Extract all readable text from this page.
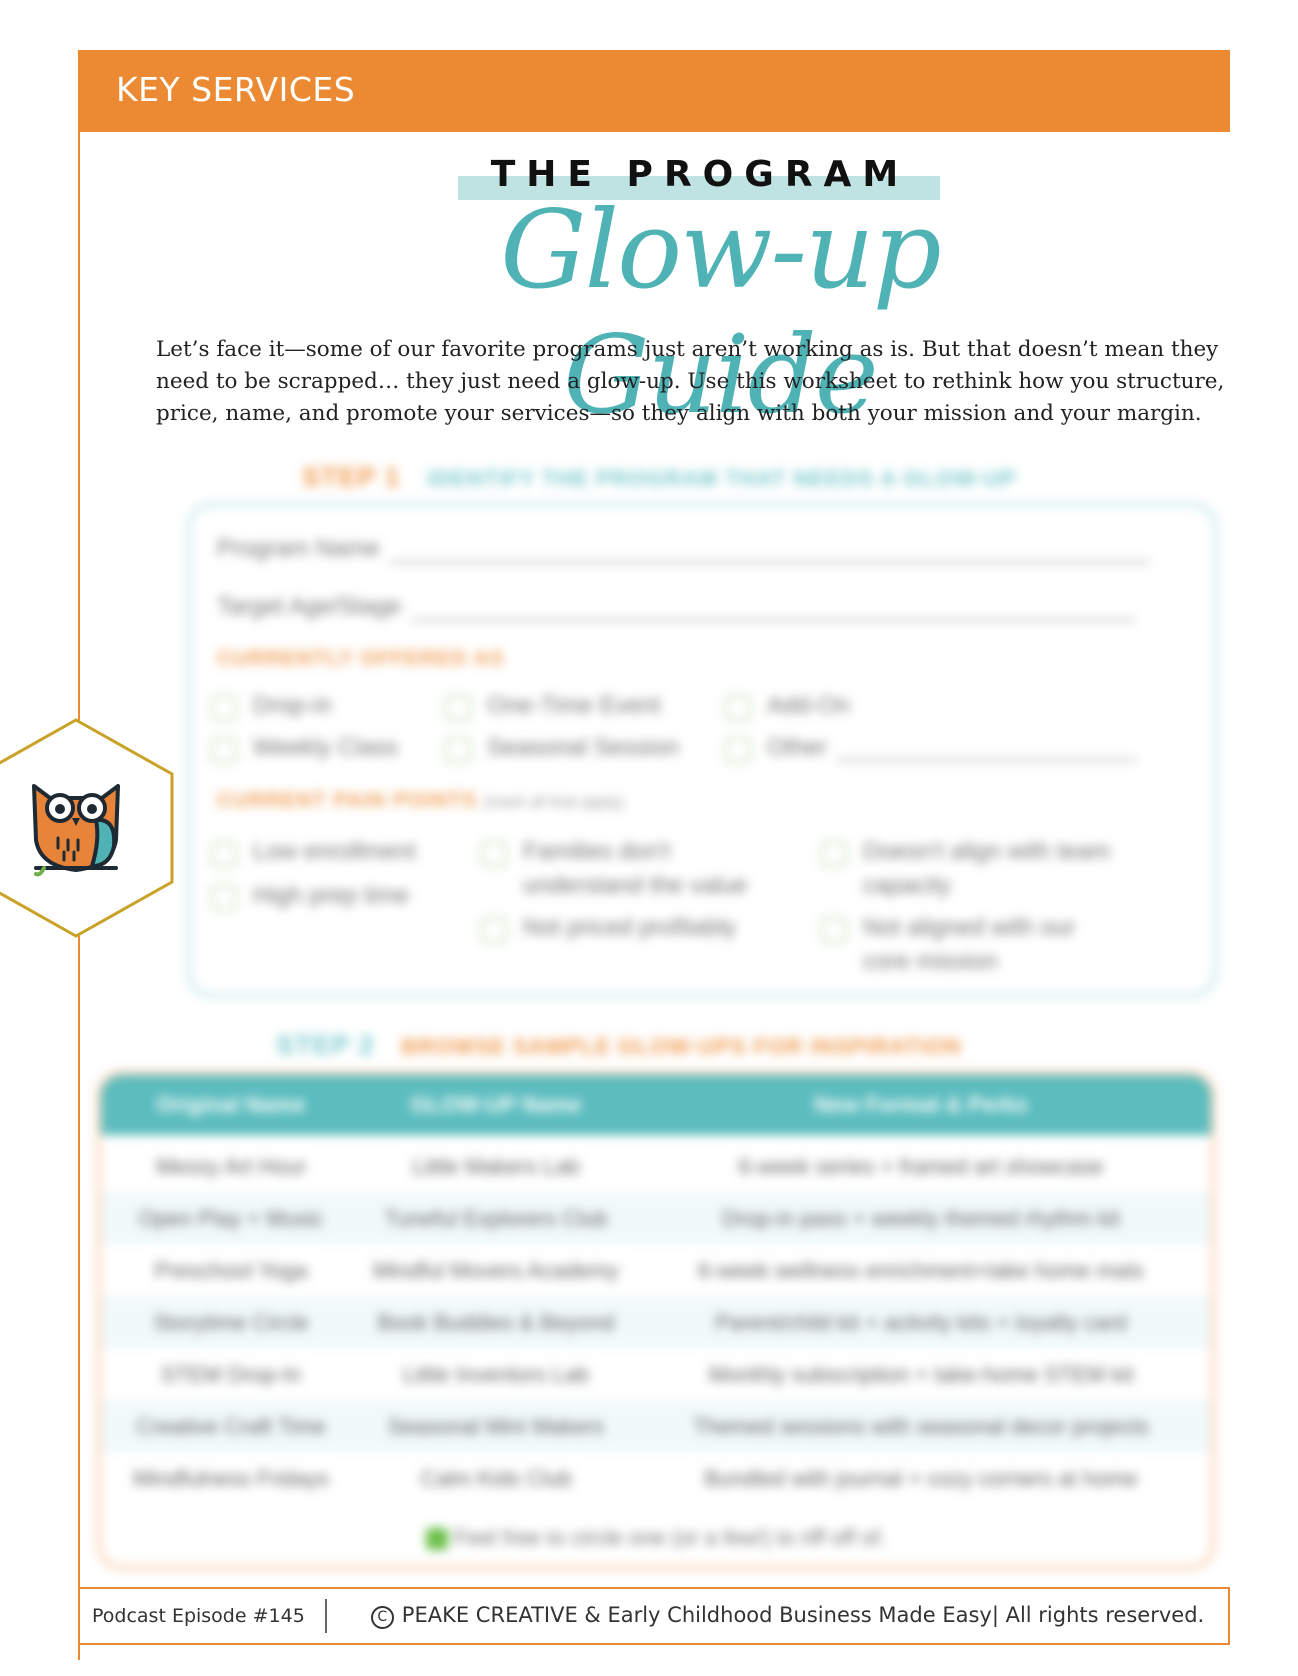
KEY SERVICES
THE PROGRAM
Glow-up Guide
Let’s face it—some of our favorite programs just aren’t working as is. But that doesn’t mean they need to be scrapped… they just need a glow-up. Use this worksheet to rethink how you structure, price, name, and promote your services—so they align with both your mission and your margin.
STEP 1 IDENTIFY THE PROGRAM THAT NEEDS A GLOW-UP
Program Name
Target Age/Stage
CURRENTLY OFFERED AS
Drop-in
Weekly Class
One-Time Event
Seasonal Session
Add-On
Other
CURRENT PAIN POINTS (mark all that apply)
Low enrollment
High prep time
Families don't understand the value
Not priced profitably
Doesn't align with team capacity
Not aligned with our core mission
STEP 2 BROWSE SAMPLE GLOW-UPS FOR INSPIRATION
Original Name	GLOW-UP Name	New Format & Perks
Messy Art Hour	Little Makers Lab	6-week series + framed art showcase
Open Play + Music	Tuneful Explorers Club	Drop-in pass + weekly themed rhythm kit
Preschool Yoga	Mindful Movers Academy	6-week wellness enrichment+take home mats
Storytime Circle	Book Buddies & Beyond	Parent/child kit + activity kits + loyalty card
STEM Drop-In	Little Inventors Lab	Monthly subscription + take-home STEM kit
Creative Craft Time	Seasonal Mini Makers	Themed sessions with seasonal decor projects
Mindfulness Fridays	Calm Kids Club	Bundled with journal + cozy corners at home
Feel free to circle one (or a few!) to riff off of.
Podcast Episode #145	C PEAKE CREATIVE & Early Childhood Business Made Easy| All rights reserved.
